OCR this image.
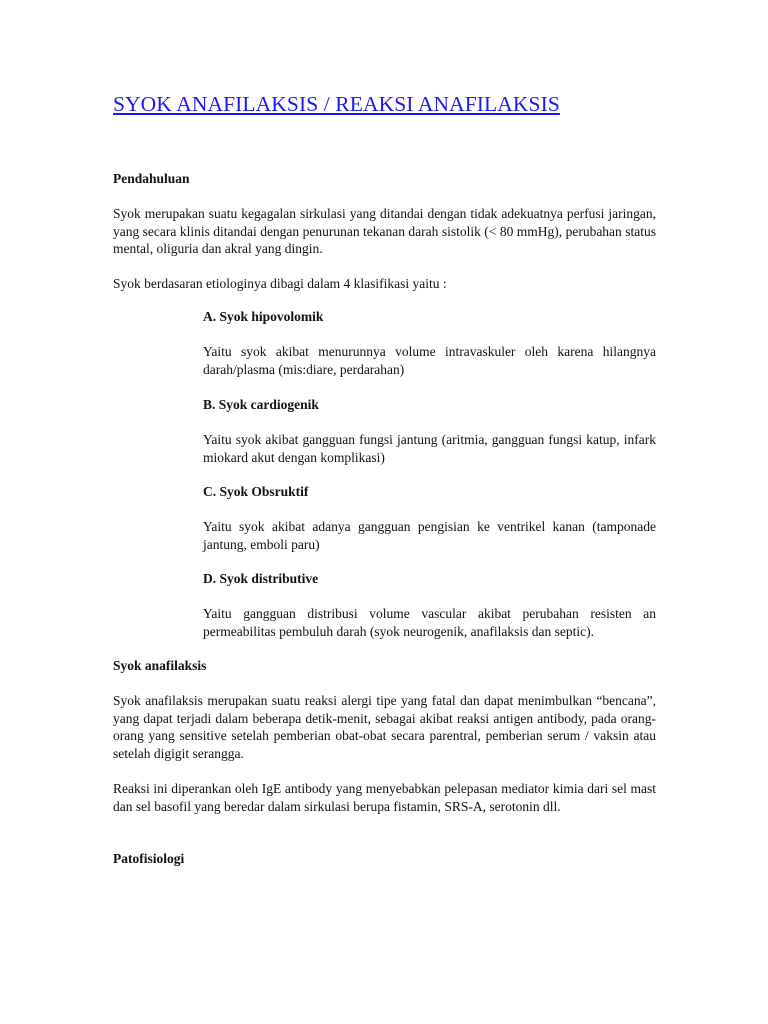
SYOK ANAFILAKSIS / REAKSI ANAFILAKSIS

Pendahuluan

Syok merupakan suatu kegagalan sirkulasi yang ditandai dengan tidak adekuatnya perfusi jaringan, yang secara klinis ditandai dengan penurunan tekanan darah sistolik (< 80 mmHg), perubahan status mental, oliguria dan akral yang dingin.

Syok berdasaran etiologinya dibagi dalam 4 klasifikasi yaitu :

A. Syok hipovolomik

Yaitu syok akibat menurunnya volume intravaskuler oleh karena hilangnya darah/plasma (mis:diare, perdarahan)

B. Syok cardiogenik

Yaitu syok akibat gangguan fungsi jantung (aritmia, gangguan fungsi katup, infark miokard akut dengan komplikasi)

C. Syok Obsruktif

Yaitu syok akibat adanya gangguan pengisian ke ventrikel kanan (tamponade jantung, emboli paru)

D. Syok distributive

Yaitu gangguan distribusi volume vascular akibat perubahan resisten an permeabilitas pembuluh darah (syok neurogenik, anafilaksis dan septic).

Syok anafilaksis

Syok anafilaksis merupakan suatu reaksi alergi tipe yang fatal dan dapat menimbulkan “bencana”, yang dapat terjadi dalam beberapa detik-menit, sebagai akibat reaksi antigen antibody, pada orang-orang yang sensitive setelah pemberian obat-obat secara parentral, pemberian serum / vaksin atau setelah digigit serangga.

Reaksi ini diperankan oleh IgE antibody yang menyebabkan pelepasan mediator kimia dari sel mast dan sel basofil yang beredar dalam sirkulasi berupa fistamin, SRS-A, serotonin dll.

Patofisiologi
